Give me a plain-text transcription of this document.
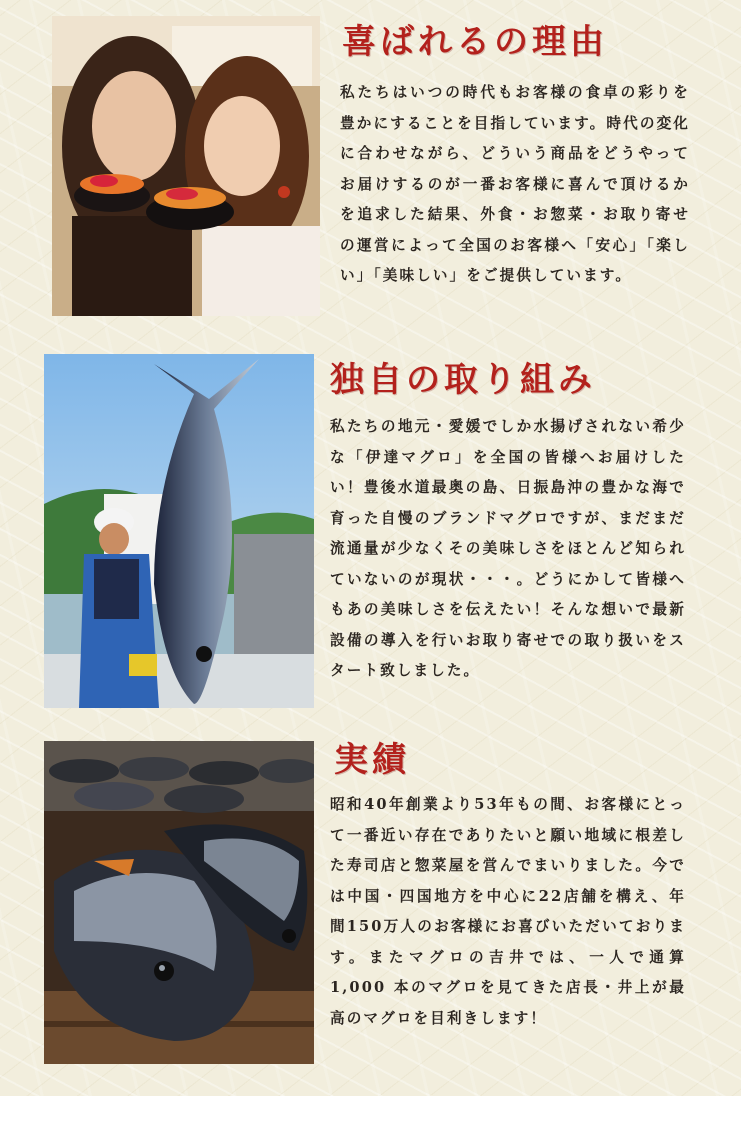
喜ばれるの理由

私たちはいつの時代もお客様の食卓の彩りを豊かにすることを目指しています。時代の変化に合わせながら、どういう商品をどうやってお届けするのが一番お客様に喜んで頂けるかを追求した結果、外食・お惣菜・お取り寄せの運営によって全国のお客様へ「安心」「楽しい」「美味しい」をご提供しています。

独自の取り組み

私たちの地元・愛媛でしか水揚げされない希少な「伊達マグロ」を全国の皆様へお届けしたい！豊後水道最奥の島、日振島沖の豊かな海で育った自慢のブランドマグロですが、まだまだ流通量が少なくその美味しさをほとんど知られていないのが現状・・・。どうにかして皆様へもあの美味しさを伝えたい！そんな想いで最新設備の導入を行いお取り寄せでの取り扱いをスタート致しました。

実績

昭和40年創業より53年もの間、お客様にとって一番近い存在でありたいと願い地域に根差した寿司店と惣菜屋を営んでまいりました。今では中国・四国地方を中心に22店舗を構え、年間150万人のお客様にお喜びいただいております。またマグロの吉井では、一人で通算 1,000 本のマグロを見てきた店長・井上が最高のマグロを目利きします！
